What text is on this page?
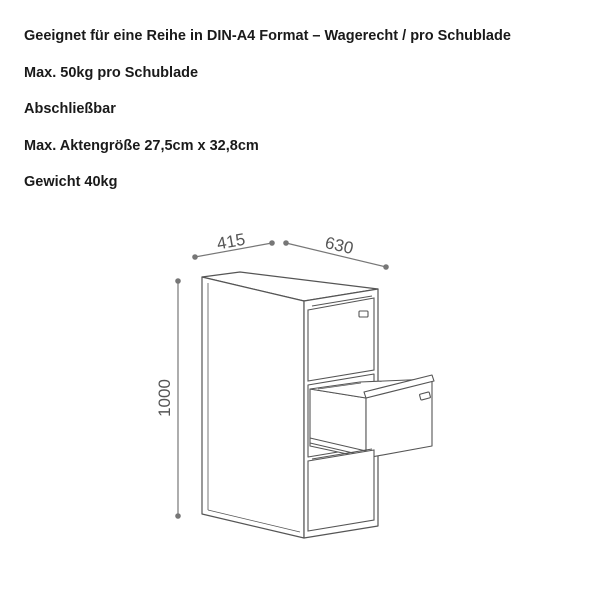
Geeignet für eine Reihe in DIN-A4 Format – Wagerecht / pro Schublade
Max. 50kg pro Schublade
Abschließbar
Max. Aktengröße 27,5cm x 32,8cm
Gewicht 40kg
415	630
1000
